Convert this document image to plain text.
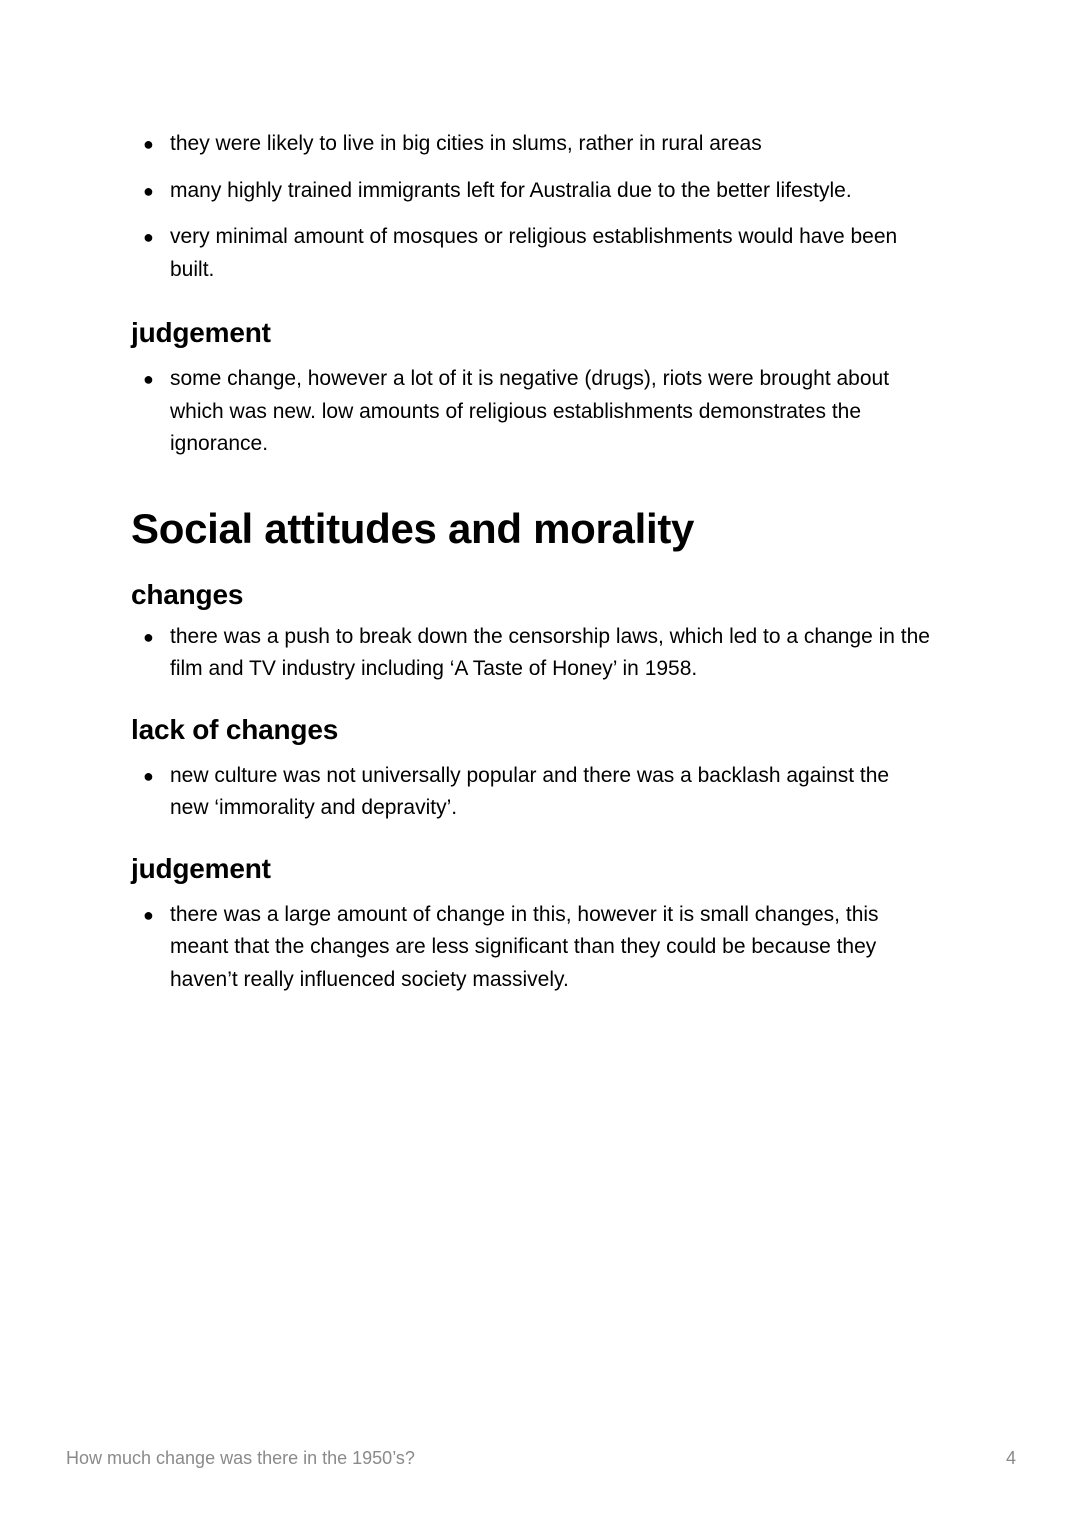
● they were likely to live in big cities in slums, rather in rural areas
● many highly trained immigrants left for Australia due to the better lifestyle.
● very minimal amount of mosques or religious establishments would have been built.
judgement
● some change, however a lot of it is negative (drugs), riots were brought about which was new. low amounts of religious establishments demonstrates the ignorance.
Social attitudes and morality
changes
● there was a push to break down the censorship laws, which led to a change in the film and TV industry including ‘A Taste of Honey’ in 1958.
lack of changes
● new culture was not universally popular and there was a backlash against the new ‘immorality and depravity’.
judgement
● there was a large amount of change in this, however it is small changes, this meant that the changes are less significant than they could be because they haven’t really influenced society massively.
How much change was there in the 1950’s?	4
